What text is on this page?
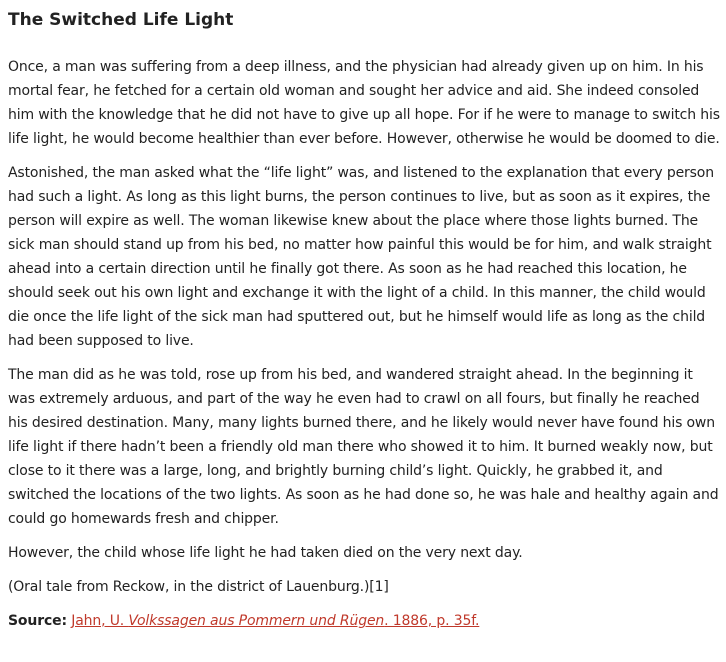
The Switched Life Light

Once, a man was suffering from a deep illness, and the physician had already given up on him. In his mortal fear, he fetched for a certain old woman and sought her advice and aid. She indeed consoled him with the knowledge that he did not have to give up all hope. For if he were to manage to switch his life light, he would become healthier than ever before. However, otherwise he would be doomed to die.

Astonished, the man asked what the “life light” was, and listened to the explanation that every person had such a light. As long as this light burns, the person continues to live, but as soon as it expires, the person will expire as well. The woman likewise knew about the place where those lights burned. The sick man should stand up from his bed, no matter how painful this would be for him, and walk straight ahead into a certain direction until he finally got there. As soon as he had reached this location, he should seek out his own light and exchange it with the light of a child. In this manner, the child would die once the life light of the sick man had sputtered out, but he himself would life as long as the child had been supposed to live.

The man did as he was told, rose up from his bed, and wandered straight ahead. In the beginning it was extremely arduous, and part of the way he even had to crawl on all fours, but finally he reached his desired destination. Many, many lights burned there, and he likely would never have found his own life light if there hadn’t been a friendly old man there who showed it to him. It burned weakly now, but close to it there was a large, long, and brightly burning child’s light. Quickly, he grabbed it, and switched the locations of the two lights. As soon as he had done so, he was hale and healthy again and could go homewards fresh and chipper.

However, the child whose life light he had taken died on the very next day.

(Oral tale from Reckow, in the district of Lauenburg.)[1]

Source: Jahn, U. Volkssagen aus Pommern und Rügen. 1886, p. 35f.
